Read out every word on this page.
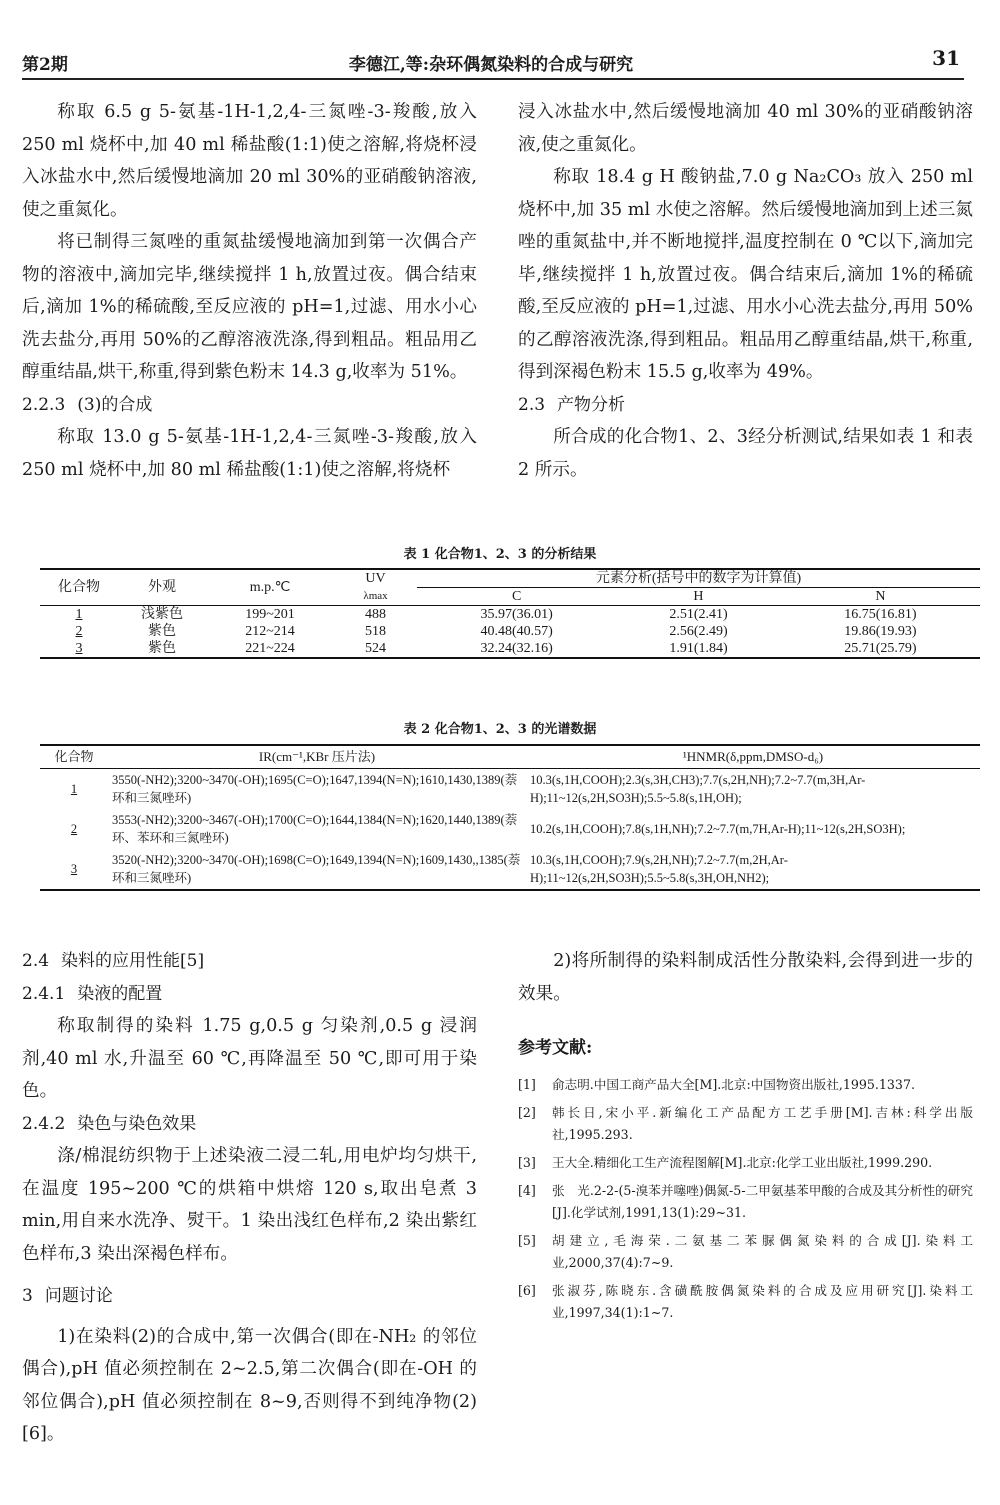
第2期	李德江,等:杂环偶氮染料的合成与研究	31

称取 6.5 g 5-氨基-1H-1,2,4-三氮唑-3-羧酸,放入 250 ml 烧杯中,加 40 ml 稀盐酸(1:1)使之溶解,将烧杯浸入冰盐水中,然后缓慢地滴加 20 ml 30%的亚硝酸钠溶液,使之重氮化。

将已制得三氮唑的重氮盐缓慢地滴加到第一次偶合产物的溶液中,滴加完毕,继续搅拌 1 h,放置过夜。偶合结束后,滴加 1%的稀硫酸,至反应液的 pH=1,过滤、用水小心洗去盐分,再用 50%的乙醇溶液洗涤,得到粗品。粗品用乙醇重结晶,烘干,称重,得到紫色粉末 14.3 g,收率为 51%。

2.2.3 (3)的合成

称取 13.0 g 5-氨基-1H-1,2,4-三氮唑-3-羧酸,放入 250 ml 烧杯中,加 80 ml 稀盐酸(1:1)使之溶解,将烧杯

浸入冰盐水中,然后缓慢地滴加 40 ml 30%的亚硝酸钠溶液,使之重氮化。

称取 18.4 g H 酸钠盐,7.0 g Na₂CO₃ 放入 250 ml 烧杯中,加 35 ml 水使之溶解。然后缓慢地滴加到上述三氮唑的重氮盐中,并不断地搅拌,温度控制在 0 ℃以下,滴加完毕,继续搅拌 1 h,放置过夜。偶合结束后,滴加 1%的稀硫酸,至反应液的 pH=1,过滤、用水小心洗去盐分,再用 50%的乙醇溶液洗涤,得到粗品。粗品用乙醇重结晶,烘干,称重,得到深褐色粉末 15.5 g,收率为 49%。

2.3 产物分析

所合成的化合物1、2、3经分析测试,结果如表 1 和表 2 所示。

表 1 化合物1、2、3 的分析结果
化合物	外观	m.p.℃	UV	元素分析(括号中的数字为计算值)		
			λmax	C	H	N
1	浅紫色	199~201	488	35.97(36.01)	2.51(2.41)	16.75(16.81)
2	紫色	212~214	518	40.48(40.57)	2.56(2.49)	19.86(19.93)
3	紫色	221~224	524	32.24(32.16)	1.91(1.84)	25.71(25.79)
表 2 化合物1、2、3 的光谱数据
化合物	IR(cm⁻¹,KBr 压片法)	¹HNMR(δ,ppm,DMSO-d₆)
1	3550(-NH2);3200~3470(-OH);1695(C=O);1647,1394(N=N);1610,1430,1389(萘环和三氮唑环)	10.3(s,1H,COOH);2.3(s,3H,CH3);7.7(s,2H,NH);7.2~7.7(m,3H,Ar-H);11~12(s,2H,SO3H);5.5~5.8(s,1H,OH);
2	3553(-NH2);3200~3467(-OH);1700(C=O);1644,1384(N=N);1620,1440,1389(萘环、苯环和三氮唑环)	10.2(s,1H,COOH);7.8(s,1H,NH);7.2~7.7(m,7H,Ar-H);11~12(s,2H,SO3H);
3	3520(-NH2);3200~3470(-OH);1698(C=O);1649,1394(N=N);1609,1430,,1385(萘环和三氮唑环)	10.3(s,1H,COOH);7.9(s,2H,NH);7.2~7.7(m,2H,Ar-H);11~12(s,2H,SO3H);5.5~5.8(s,3H,OH,NH2);
2.4 染料的应用性能[5]
2.4.1 染液的配置

称取制得的染料 1.75 g,0.5 g 匀染剂,0.5 g 浸润剂,40 ml 水,升温至 60 ℃,再降温至 50 ℃,即可用于染色。

2.4.2 染色与染色效果

涤/棉混纺织物于上述染液二浸二轧,用电炉均匀烘干,在温度 195~200 ℃的烘箱中烘熔 120 s,取出皂煮 3 min,用自来水洗净、熨干。1 染出浅红色样布,2 染出紫红色样布,3 染出深褐色样布。

3 问题讨论

1)在染料(2)的合成中,第一次偶合(即在-NH₂ 的邻位偶合),pH 值必须控制在 2~2.5,第二次偶合(即在-OH 的邻位偶合),pH 值必须控制在 8~9,否则得不到纯净物(2)[6]。

2)将所制得的染料制成活性分散染料,会得到进一步的效果。

参考文献:
[1]	俞志明.中国工商产品大全[M].北京:中国物资出版社,1995.1337.
[2]	韩长日,宋小平.新编化工产品配方工艺手册[M].吉林:科学出版社,1995.293.
[3]	王大全.精细化工生产流程图解[M].北京:化学工业出版社,1999.290.
[4]	张　光.2-2-(5-溴苯并噻唑)偶氮-5-二甲氨基苯甲酸的合成及其分析性的研究[J].化学试剂,1991,13(1):29~31.
[5]	胡建立,毛海荣.二氨基二苯脲偶氮染料的合成[J].染料工业,2000,37(4):7~9.
[6]	张淑芬,陈晓东.含磺酰胺偶氮染料的合成及应用研究[J].染料工业,1997,34(1):1~7.
